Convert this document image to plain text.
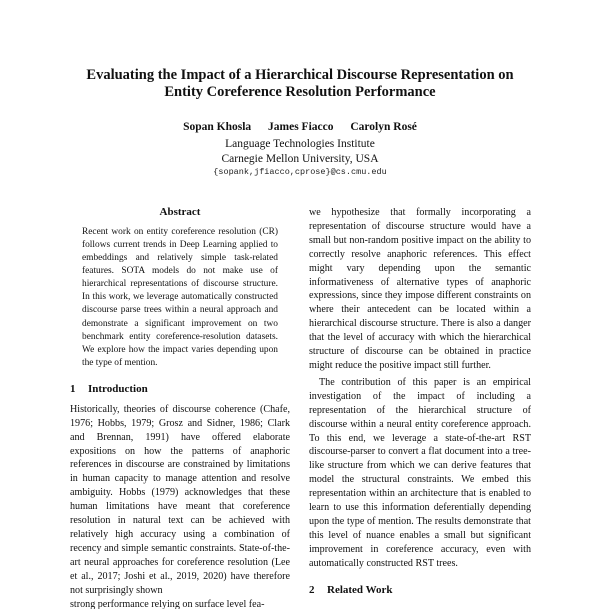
Evaluating the Impact of a Hierarchical Discourse Representation on
Entity Coreference Resolution Performance
Sopan Khosla James Fiacco Carolyn Rosé
Language Technologies Institute
Carnegie Mellon University, USA
{sopank,jfiacco,cprose}@cs.cmu.edu
Abstract

Recent work on entity coreference resolution (CR) follows current trends in Deep Learning applied to embeddings and relatively simple task-related features. SOTA models do not make use of hierarchical representations of discourse structure. In this work, we leverage automatically constructed discourse parse trees within a neural approach and demonstrate a significant improvement on two benchmark entity coreference-resolution datasets. We explore how the impact varies depending upon the type of mention.

1 Introduction

Historically, theories of discourse coherence (Chafe, 1976; Hobbs, 1979; Grosz and Sidner, 1986; Clark and Brennan, 1991) have offered elaborate expositions on how the patterns of anaphoric references in discourse are constrained by limitations in human capacity to manage attention and resolve ambiguity. Hobbs (1979) acknowledges that these human limitations have meant that coreference resolution in natural text can be achieved with relatively high accuracy using a combination of recency and simple semantic constraints. State-of-the-art neural approaches for coreference resolution (Lee et al., 2017; Joshi et al., 2019, 2020) have therefore not surprisingly shown

strong performance relying on surface level fea-

we hypothesize that formally incorporating a representation of discourse structure would have a small but non-random positive impact on the ability to correctly resolve anaphoric references. This effect might vary depending upon the semantic informativeness of alternative types of anaphoric expressions, since they impose different constraints on where their antecedent can be located within a hierarchical discourse structure. There is also a danger that the level of accuracy with which the hierarchical structure of discourse can be obtained in practice might reduce the positive impact still further.

The contribution of this paper is an empirical investigation of the impact of including a representation of the hierarchical structure of discourse within a neural entity coreference approach. To this end, we leverage a state-of-the-art RST discourse-parser to convert a flat document into a tree-like structure from which we can derive features that model the structural constraints. We embed this representation within an architecture that is enabled to learn to use this information deferentially depending upon the type of mention. The results demonstrate that this level of nuance enables a small but significant improvement in coreference accuracy, even with automatically constructed RST trees.

2 Related Work
